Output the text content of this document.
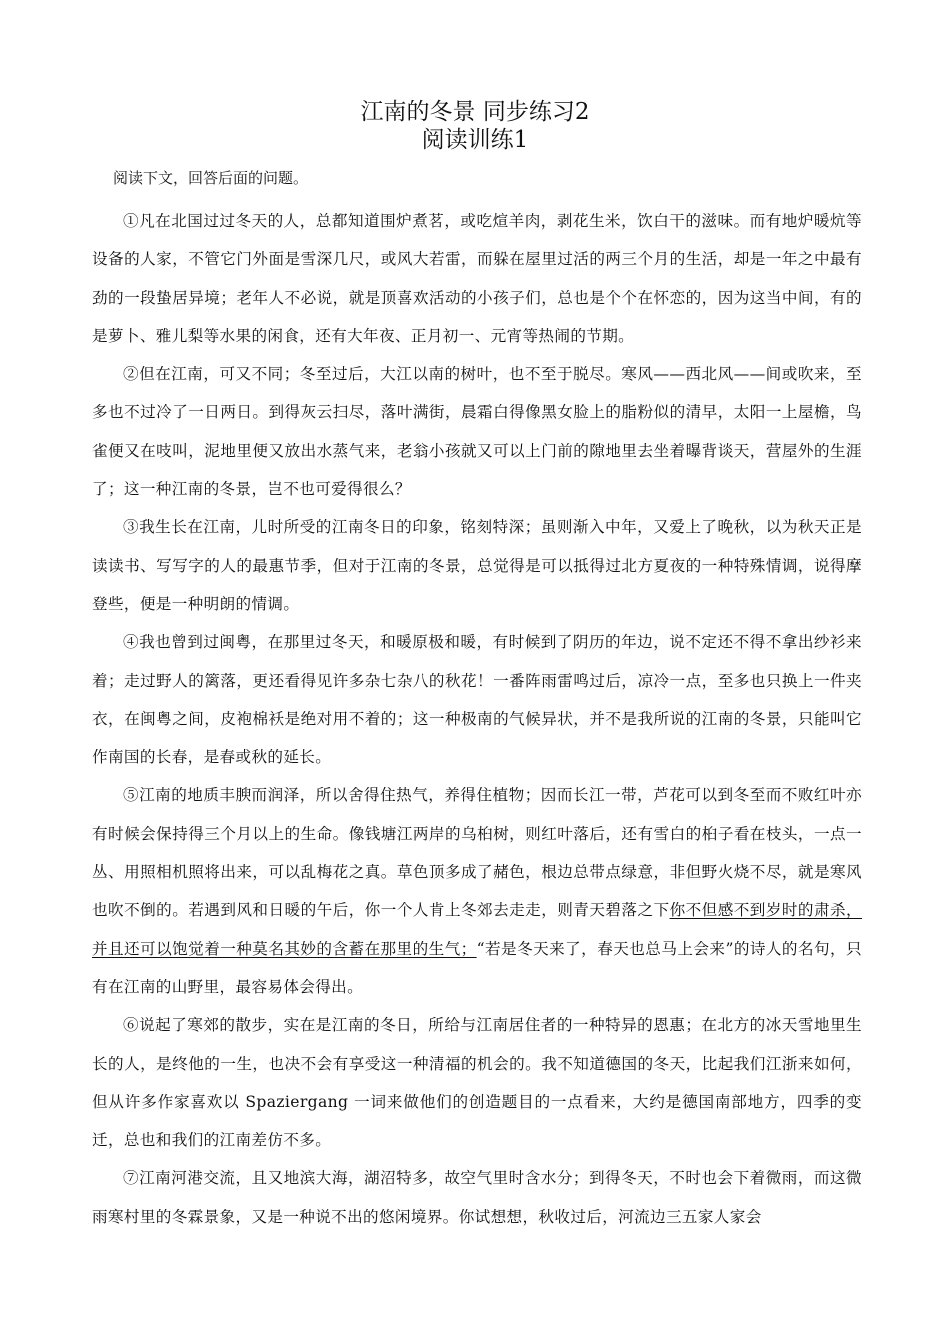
江南的冬景 同步练习2
阅读训练1

阅读下文，回答后面的问题。

①凡在北国过过冬天的人，总都知道围炉煮茗，或吃煊羊肉，剥花生米，饮白干的滋味。而有地炉暖炕等设备的人家，不管它门外面是雪深几尺，或风大若雷，而躲在屋里过活的两三个月的生活，却是一年之中最有劲的一段蛰居异境；老年人不必说，就是顶喜欢活动的小孩子们，总也是个个在怀恋的，因为这当中间，有的是萝卜、雅儿梨等水果的闲食，还有大年夜、正月初一、元宵等热闹的节期。

②但在江南，可又不同；冬至过后，大江以南的树叶，也不至于脱尽。寒风——西北风——间或吹来，至多也不过冷了一日两日。到得灰云扫尽，落叶满街，晨霜白得像黑女脸上的脂粉似的清早，太阳一上屋檐，鸟雀便又在吱叫，泥地里便又放出水蒸气来，老翁小孩就又可以上门前的隙地里去坐着曝背谈天，营屋外的生涯了；这一种江南的冬景，岂不也可爱得很么？

③我生长在江南，儿时所受的江南冬日的印象，铭刻特深；虽则渐入中年，又爱上了晚秋，以为秋天正是读读书、写写字的人的最惠节季，但对于江南的冬景，总觉得是可以抵得过北方夏夜的一种特殊情调，说得摩登些，便是一种明朗的情调。

④我也曾到过闽粤，在那里过冬天，和暖原极和暖，有时候到了阴历的年边，说不定还不得不拿出纱衫来着；走过野人的篱落，更还看得见许多杂七杂八的秋花！一番阵雨雷鸣过后，凉冷一点，至多也只换上一件夹衣，在闽粤之间，皮袍棉袄是绝对用不着的；这一种极南的气候异状，并不是我所说的江南的冬景，只能叫它作南国的长春，是春或秋的延长。

⑤江南的地质丰腴而润泽，所以舍得住热气，养得住植物；因而长江一带，芦花可以到冬至而不败红叶亦有时候会保持得三个月以上的生命。像钱塘江两岸的乌桕树，则红叶落后，还有雪白的桕子看在枝头，一点一丛、用照相机照将出来，可以乱梅花之真。草色顶多成了赭色，根边总带点绿意，非但野火烧不尽，就是寒风也吹不倒的。若遇到风和日暖的午后，你一个人肯上冬郊去走走，则青天碧落之下你不但感不到岁时的肃杀，并且还可以饱觉着一种莫名其妙的含蓄在那里的生气；“若是冬天来了，春天也总马上会来”的诗人的名句，只有在江南的山野里，最容易体会得出。

⑥说起了寒郊的散步，实在是江南的冬日，所给与江南居住者的一种特异的恩惠；在北方的冰天雪地里生长的人，是终他的一生，也决不会有享受这一种清福的机会的。我不知道德国的冬天，比起我们江浙来如何，但从许多作家喜欢以 Spaziergang 一词来做他们的创造题目的一点看来，大约是德国南部地方，四季的变迁，总也和我们的江南差仿不多。

⑦江南河港交流，且又地滨大海，湖沼特多，故空气里时含水分；到得冬天，不时也会下着微雨，而这微雨寒村里的冬霖景象，又是一种说不出的悠闲境界。你试想想，秋收过后，河流边三五家人家会
